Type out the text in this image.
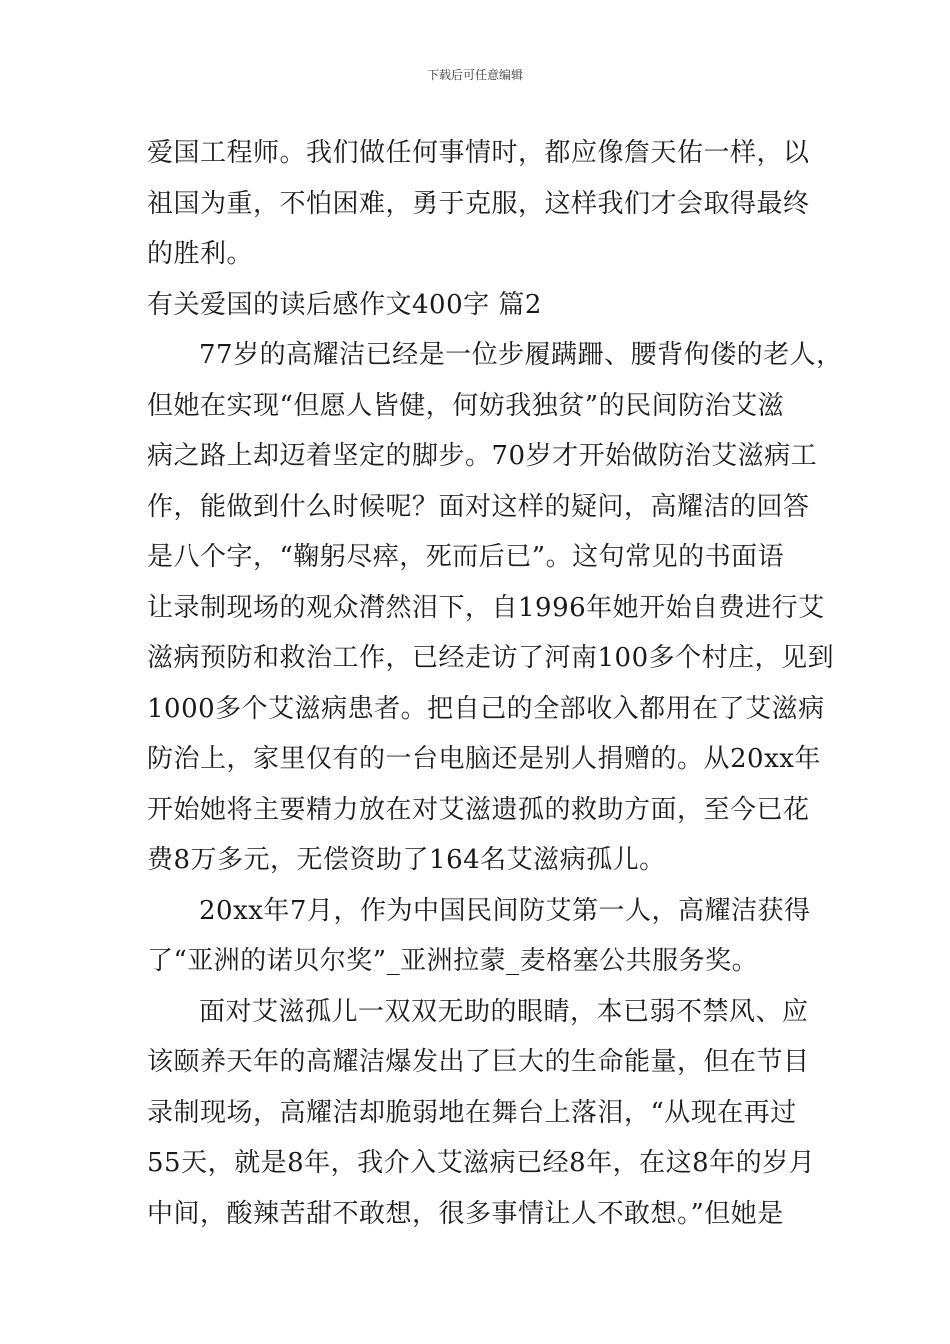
下载后可任意编辑
爱国工程师。我们做任何事情时，都应像詹天佑一样，以
祖国为重，不怕困难，勇于克服，这样我们才会取得最终
的胜利。
有关爱国的读后感作文400字 篇2
77岁的高耀洁已经是一位步履蹒跚、腰背佝偻的老人，
但她在实现“但愿人皆健，何妨我独贫”的民间防治艾滋
病之路上却迈着坚定的脚步。70岁才开始做防治艾滋病工
作，能做到什么时候呢？面对这样的疑问，高耀洁的回答
是八个字，“鞠躬尽瘁，死而后已”。这句常见的书面语
让录制现场的观众潸然泪下，自1996年她开始自费进行艾
滋病预防和救治工作，已经走访了河南100多个村庄，见到
1000多个艾滋病患者。把自己的全部收入都用在了艾滋病
防治上，家里仅有的一台电脑还是别人捐赠的。从20xx年
开始她将主要精力放在对艾滋遗孤的救助方面，至今已花
费8万多元，无偿资助了164名艾滋病孤儿。
20xx年7月，作为中国民间防艾第一人，高耀洁获得
了“亚洲的诺贝尔奖”_亚洲拉蒙_麦格塞公共服务奖。
面对艾滋孤儿一双双无助的眼睛，本已弱不禁风、应
该颐养天年的高耀洁爆发出了巨大的生命能量，但在节目
录制现场，高耀洁却脆弱地在舞台上落泪，“从现在再过
55天，就是8年，我介入艾滋病已经8年，在这8年的岁月
中间，酸辣苦甜不敢想，很多事情让人不敢想。”但她是
